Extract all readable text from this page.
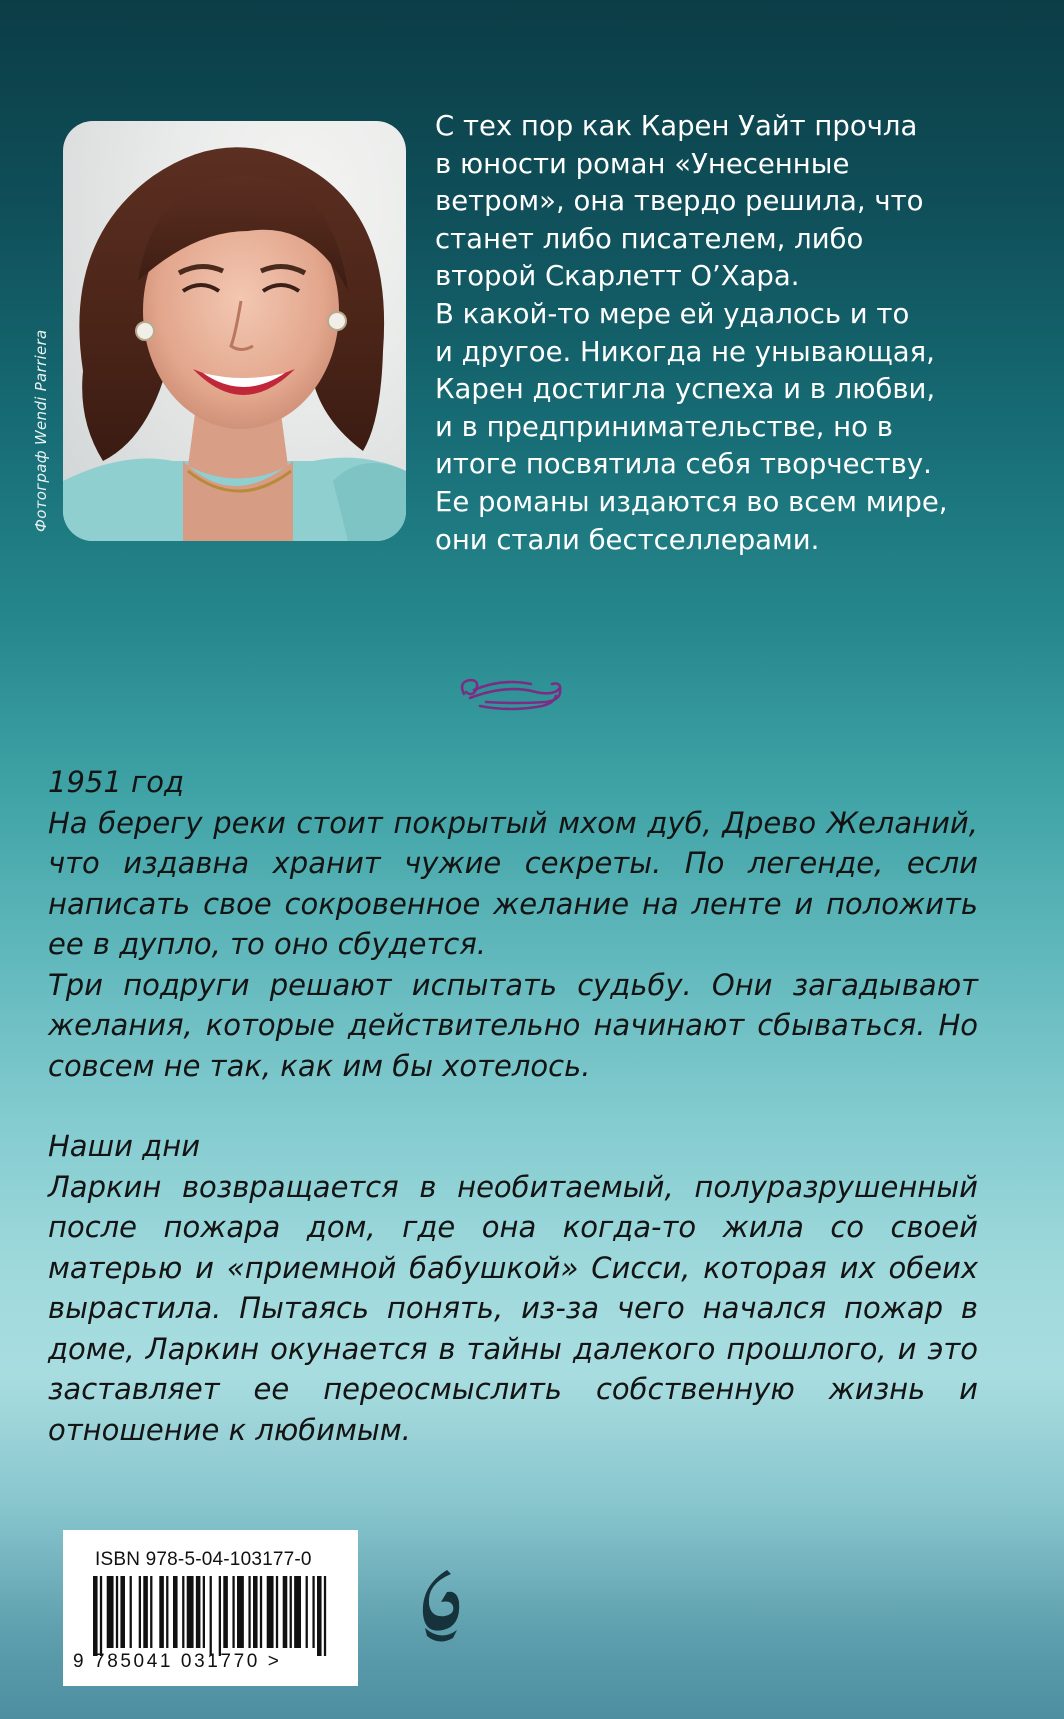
Фотограф Wendi Parriera

С тех пор как Карен Уайт прочла

в юности роман «Унесенные

ветром», она твердо решила, что

станет либо писателем, либо

второй Скарлетт О’Хара.

В какой-то мере ей удалось и то

и другое. Никогда не унывающая,

Карен достигла успеха и в любви,

и в предпринимательстве, но в

итоге посвятила себя творчеству.

Ее романы издаются во всем мире,

они стали бестселлерами.

1951 год

На берегу реки стоит покрытый мхом дуб, Древо Желаний, что издавна хранит чужие секреты. По легенде, если написать свое сокровенное желание на ленте и положить ее в дупло, то оно сбудется.

Три подруги решают испытать судьбу. Они загадывают желания, которые действительно начинают сбываться. Но совсем не так, как им бы хотелось.

Наши дни

Ларкин возвращается в необитаемый, полуразрушенный после пожара дом, где она когда-то жила со своей матерью и «приемной бабушкой» Сисси, которая их обеих вырастила. Пытаясь понять, из-за чего начался пожар в доме, Ларкин окунается в тайны далекого прошлого, и это заставляет ее переосмыслить собственную жизнь и отношение к любимым.

ISBN 978-5-04-103177-0
9 785041 031770 >
